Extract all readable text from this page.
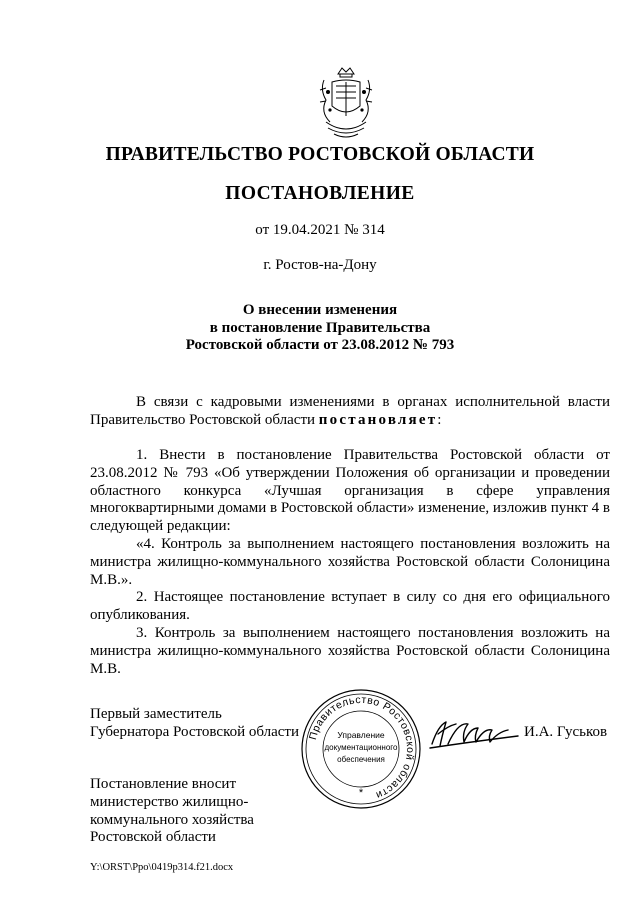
ПРАВИТЕЛЬСТВО РОСТОВСКОЙ ОБЛАСТИ
ПОСТАНОВЛЕНИЕ
от 19.04.2021 № 314
г. Ростов-на-Дону
О внесении изменения
в постановление Правительства
Ростовской области от 23.08.2012 № 793

В связи с кадровыми изменениями в органах исполнительной власти Правительство Ростовской области постановляет:

1. Внести в постановление Правительства Ростовской области от 23.08.2012 № 793 «Об утверждении Положения об организации и проведении областного конкурса «Лучшая организация в сфере управления многоквартирными домами в Ростовской области» изменение, изложив пункт 4 в следующей редакции:

«4. Контроль за выполнением настоящего постановления возложить на министра жилищно-коммунального хозяйства Ростовской области Солоницина М.В.».

2. Настоящее постановление вступает в силу со дня его официального опубликования.

3. Контроль за выполнением настоящего постановления возложить на министра жилищно-коммунального хозяйства Ростовской области Солоницина М.В.

Первый заместитель
Губернатора Ростовской области Правительство Ростовской области
Управление
документационного
обеспечения
*
И.А. Гуськов
Постановление вносит
министерство жилищно-
коммунального хозяйства
Ростовской области
Y:\ORST\Ppo\0419p314.f21.docx
